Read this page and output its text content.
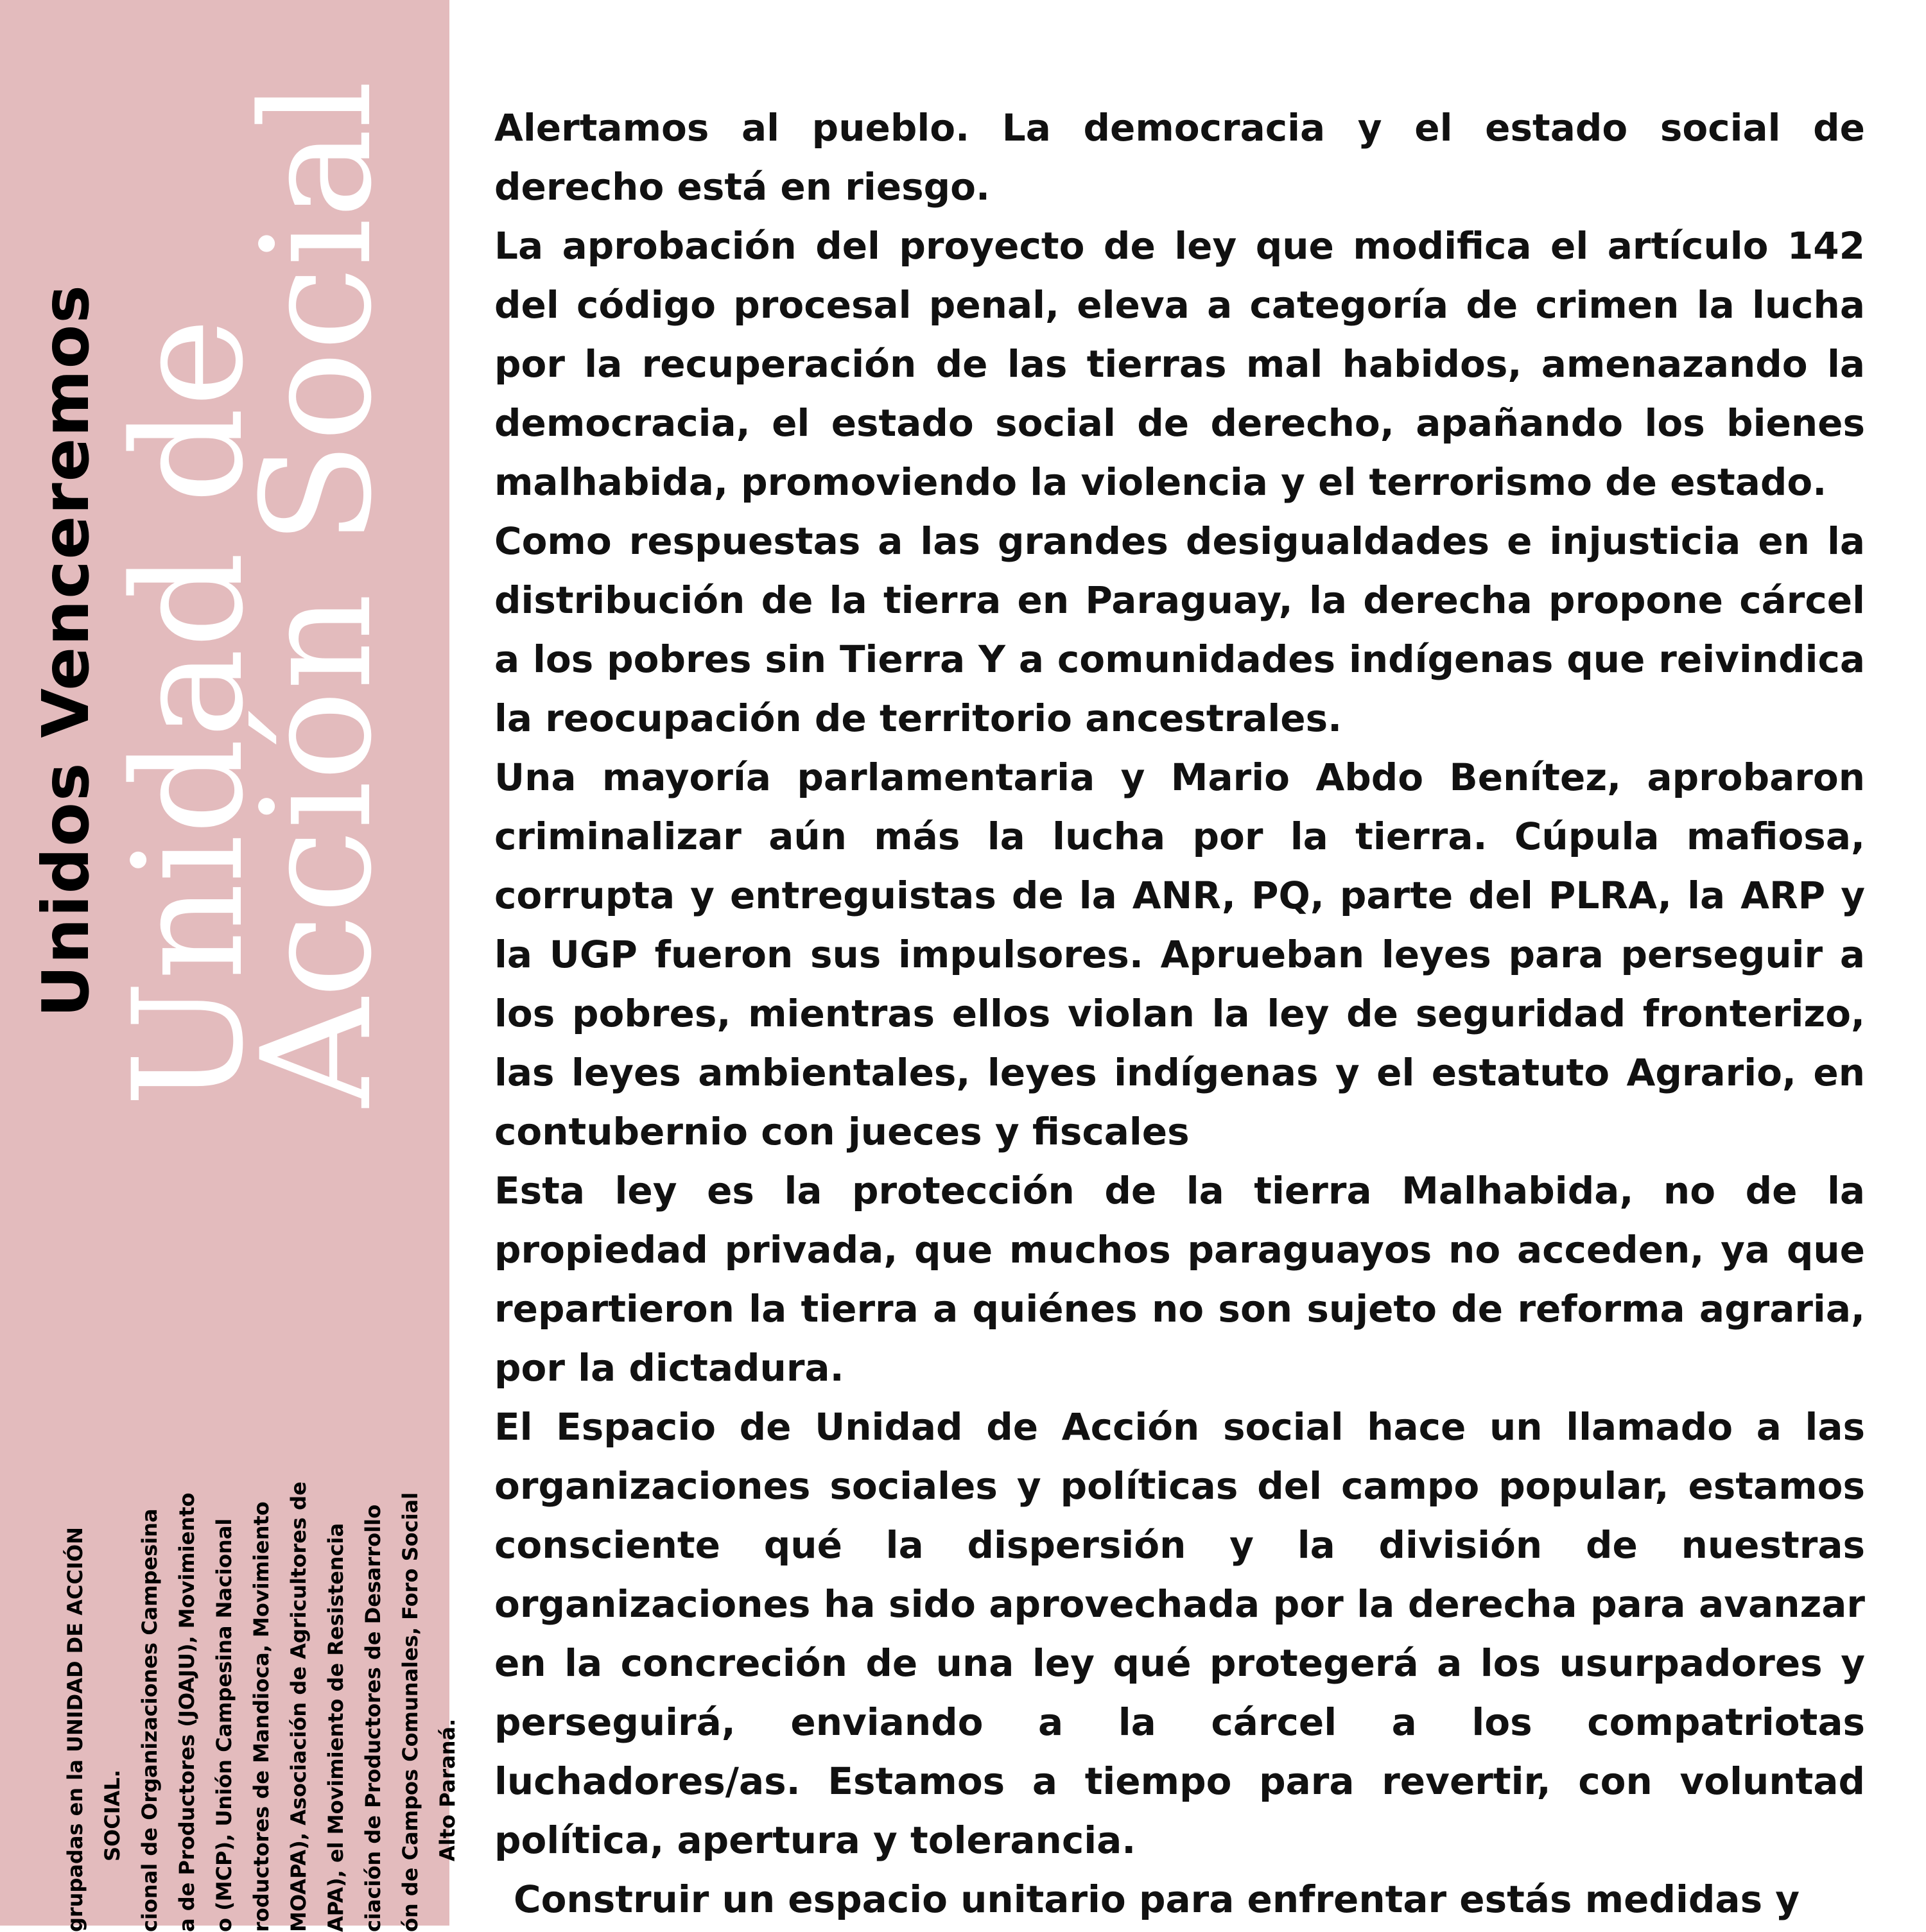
Unidos Venceremos
Unidad de
Acción Social
grupadas en la UNIDAD DE ACCIÓN SOCIAL. cional de Organizaciones Campesina a de Productores (JOAJU), Movimiento o (MCP), Unión Campesina Nacional roductores de Mandioca, Movimiento MOAPA), Asociación de Agricultores de APA), el Movimiento de Resistencia ciación de Productores de Desarrollo ón de Campos Comunales, Foro Social Alto Paraná.

Alertamos al pueblo. La democracia y el estado social de derecho está en riesgo.

La aprobación del proyecto de ley que modifica el artículo 142 del código procesal penal, eleva a categoría de crimen la lucha por la recuperación de las tierras mal habidos, amenazando la democracia, el estado social de derecho, apañando los bienes malhabida, promoviendo la violencia y el terrorismo de estado.

Como respuestas a las grandes desigualdades e injusticia en la distribución de la tierra en Paraguay, la derecha propone cárcel a los pobres sin Tierra Y a comunidades indígenas que reivindica la reocupación de territorio ancestrales.

Una mayoría parlamentaria y Mario Abdo Benítez, aprobaron criminalizar aún más la lucha por la tierra. Cúpula mafiosa, corrupta y entreguistas de la ANR, PQ, parte del PLRA, la ARP y la UGP fueron sus impulsores. Aprueban leyes para perseguir a los pobres, mientras ellos violan la ley de seguridad fronterizo, las leyes ambientales, leyes indígenas y el estatuto Agrario, en contubernio con jueces y fiscales

Esta ley es la protección de la tierra Malhabida, no de la propiedad privada, que muchos paraguayos no acceden, ya que repartieron la tierra a quiénes no son sujeto de reforma agraria, por la dictadura.

El Espacio de Unidad de Acción social hace un llamado a las organizaciones sociales y políticas del campo popular, estamos consciente qué la dispersión y la división de nuestras organizaciones ha sido aprovechada por la derecha para avanzar en la concreción de una ley qué protegerá a los usurpadores y perseguirá, enviando a la cárcel a los compatriotas luchadores/as. Estamos a tiempo para revertir, con voluntad política, apertura y tolerancia.

Construir un espacio unitario para enfrentar estás medidas y
